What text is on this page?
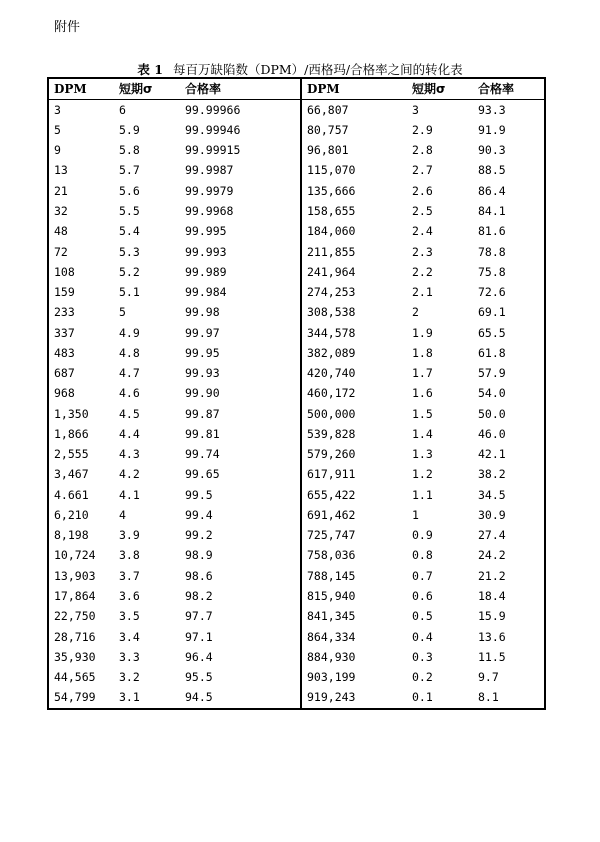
附件
表 1 每百万缺陷数（DPM）/西格玛/合格率之间的转化表
DPM	短期σ	合格率	DPM	短期σ	合格率
3	6	99.99966	66,807	3	93.3
5	5.9	99.99946	80,757	2.9	91.9
9	5.8	99.99915	96,801	2.8	90.3
13	5.7	99.9987	115,070	2.7	88.5
21	5.6	99.9979	135,666	2.6	86.4
32	5.5	99.9968	158,655	2.5	84.1
48	5.4	99.995	184,060	2.4	81.6
72	5.3	99.993	211,855	2.3	78.8
108	5.2	99.989	241,964	2.2	75.8
159	5.1	99.984	274,253	2.1	72.6
233	5	99.98	308,538	2	69.1
337	4.9	99.97	344,578	1.9	65.5
483	4.8	99.95	382,089	1.8	61.8
687	4.7	99.93	420,740	1.7	57.9
968	4.6	99.90	460,172	1.6	54.0
1,350	4.5	99.87	500,000	1.5	50.0
1,866	4.4	99.81	539,828	1.4	46.0
2,555	4.3	99.74	579,260	1.3	42.1
3,467	4.2	99.65	617,911	1.2	38.2
4.661	4.1	99.5	655,422	1.1	34.5
6,210	4	99.4	691,462	1	30.9
8,198	3.9	99.2	725,747	0.9	27.4
10,724	3.8	98.9	758,036	0.8	24.2
13,903	3.7	98.6	788,145	0.7	21.2
17,864	3.6	98.2	815,940	0.6	18.4
22,750	3.5	97.7	841,345	0.5	15.9
28,716	3.4	97.1	864,334	0.4	13.6
35,930	3.3	96.4	884,930	0.3	11.5
44,565	3.2	95.5	903,199	0.2	9.7
54,799	3.1	94.5	919,243	0.1	8.1
